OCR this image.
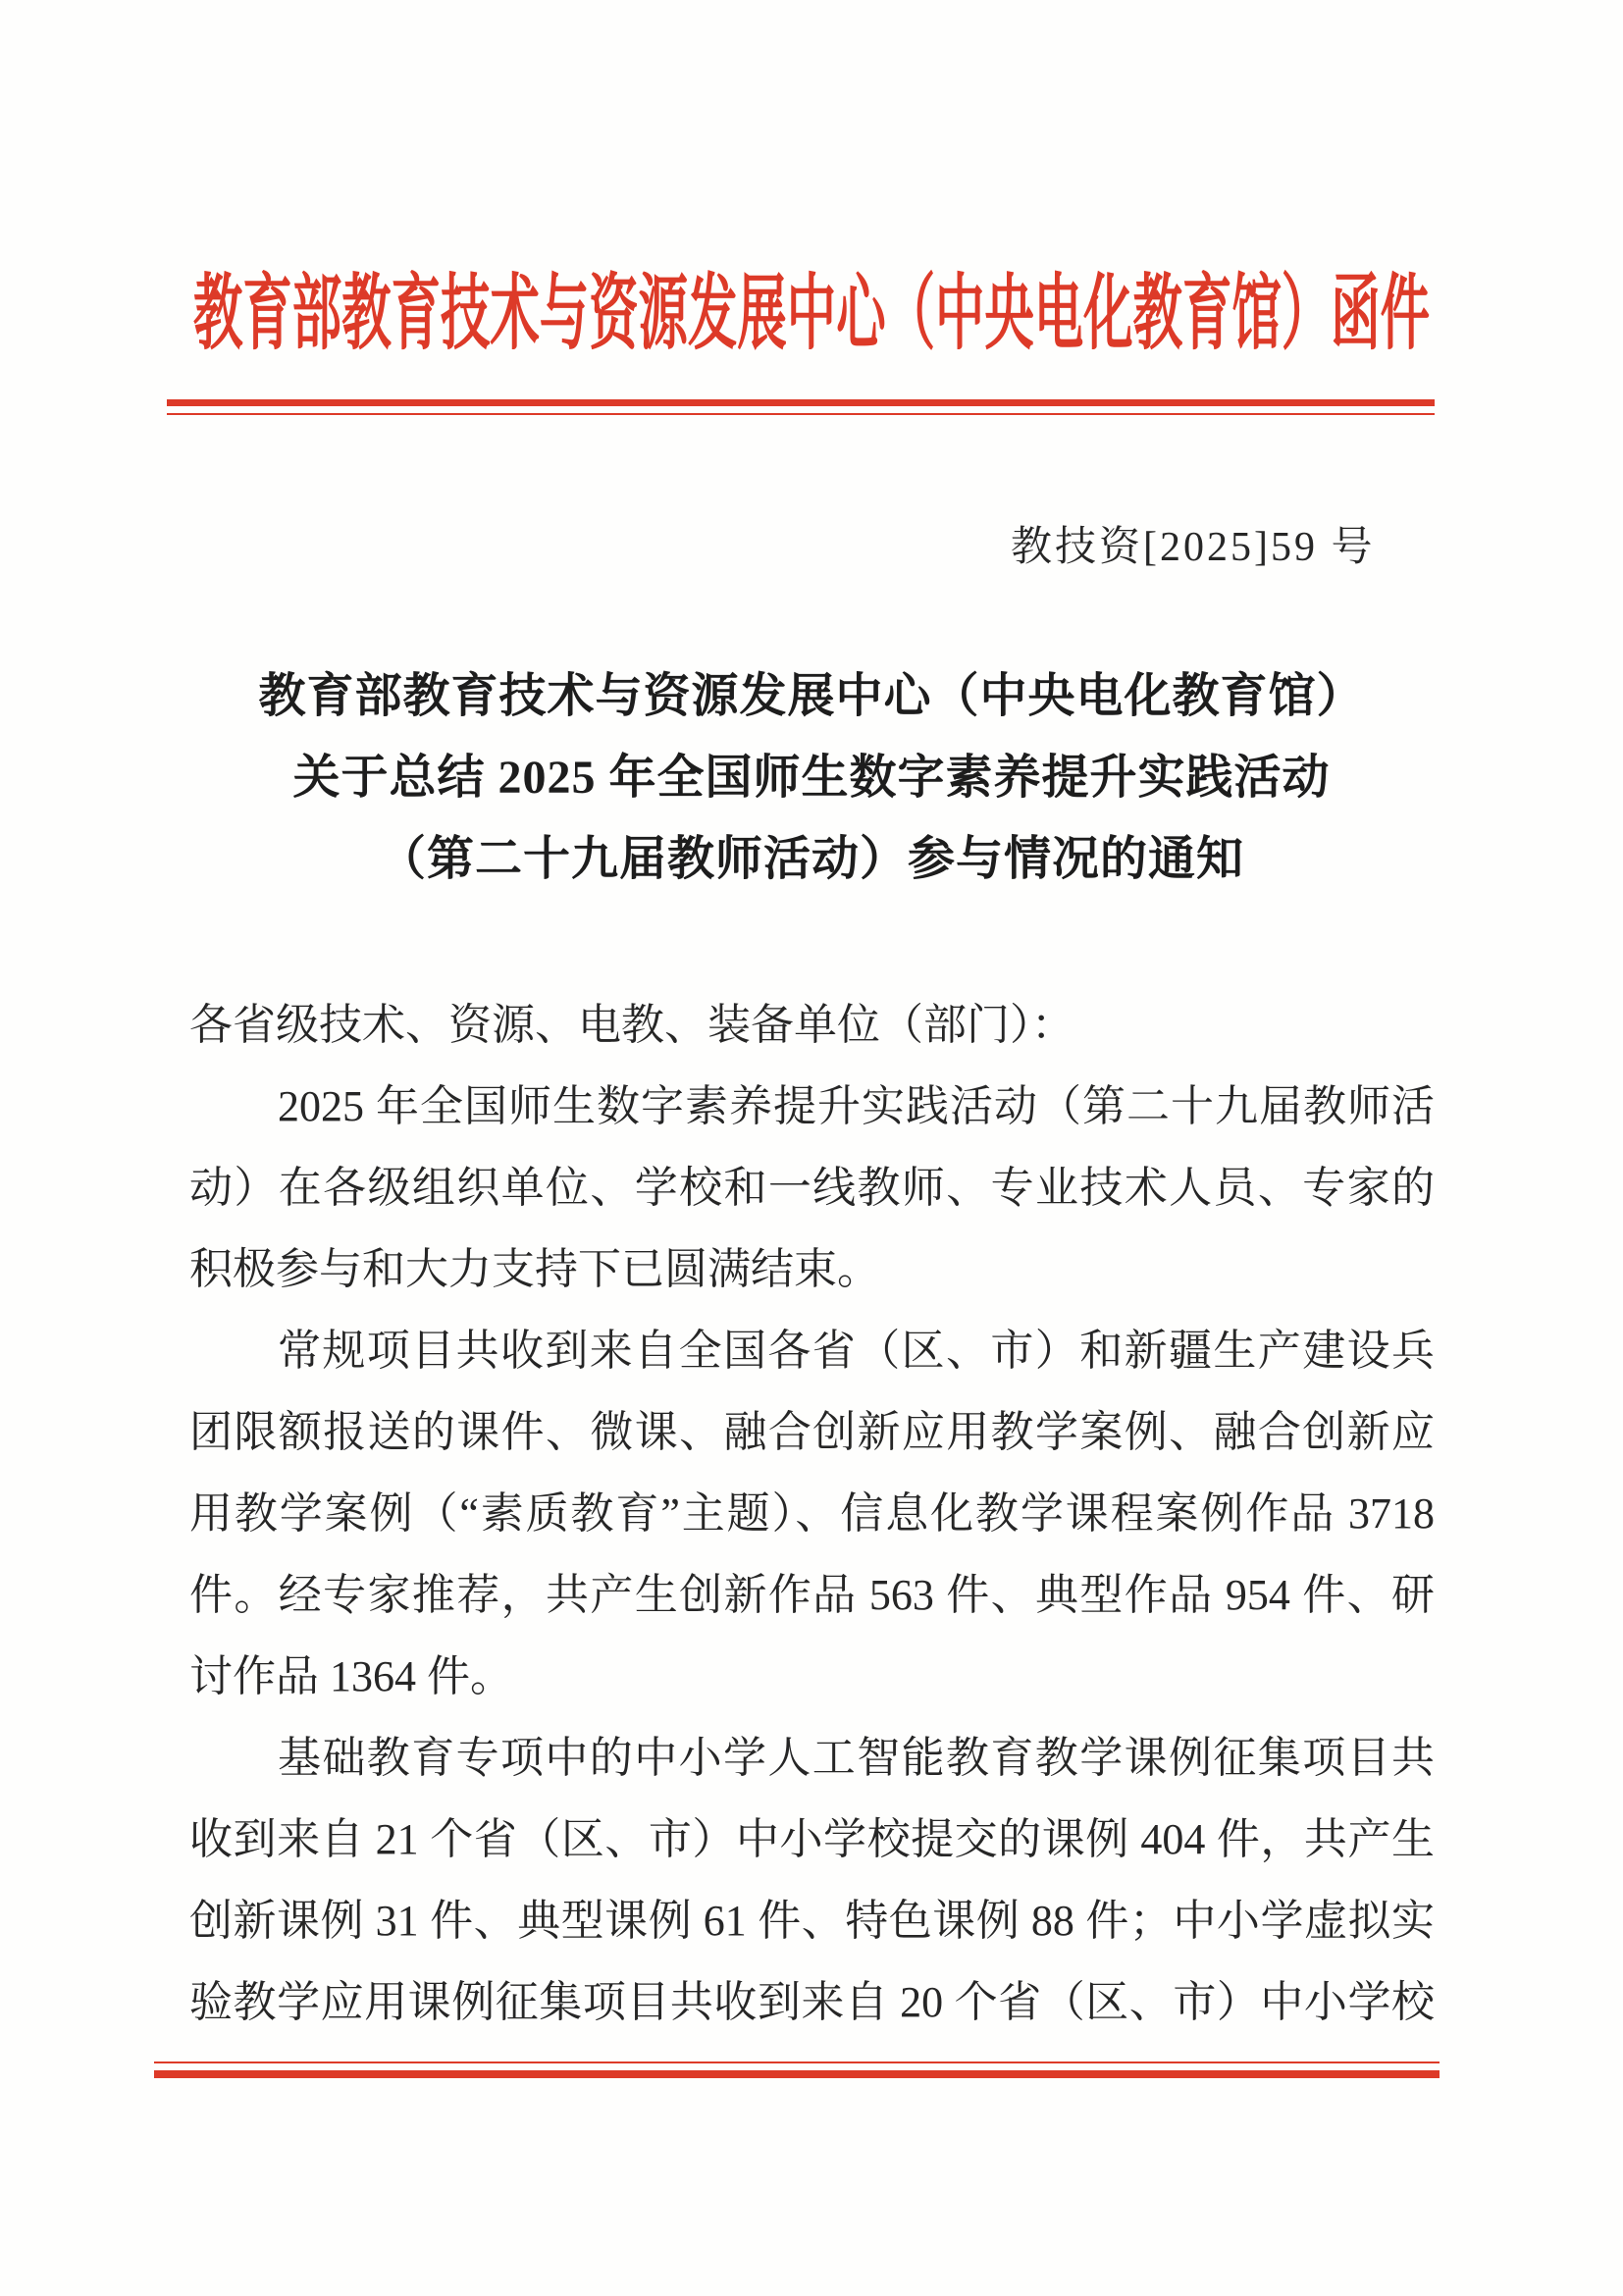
教育部教育技术与资源发展中心（中央电化教育馆）函件
教技资[2025]59 号
教育部教育技术与资源发展中心（中央电化教育馆）
关于总结 2025 年全国师生数字素养提升实践活动
（第二十九届教师活动）参与情况的通知
各省级技术、资源、电教、装备单位（部门）：
2025 年全国师生数字素养提升实践活动（第二十九届教师活
动）在各级组织单位、学校和一线教师、专业技术人员、专家的
积极参与和大力支持下已圆满结束。
常规项目共收到来自全国各省（区、市）和新疆生产建设兵
团限额报送的课件、微课、融合创新应用教学案例、融合创新应
用教学案例（“素质教育”主题）、信息化教学课程案例作品 3718
件。经专家推荐，共产生创新作品 563 件、典型作品 954 件、研
讨作品 1364 件。
基础教育专项中的中小学人工智能教育教学课例征集项目共
收到来自 21 个省（区、市）中小学校提交的课例 404 件，共产生
创新课例 31 件、典型课例 61 件、特色课例 88 件；中小学虚拟实
验教学应用课例征集项目共收到来自 20 个省（区、市）中小学校
